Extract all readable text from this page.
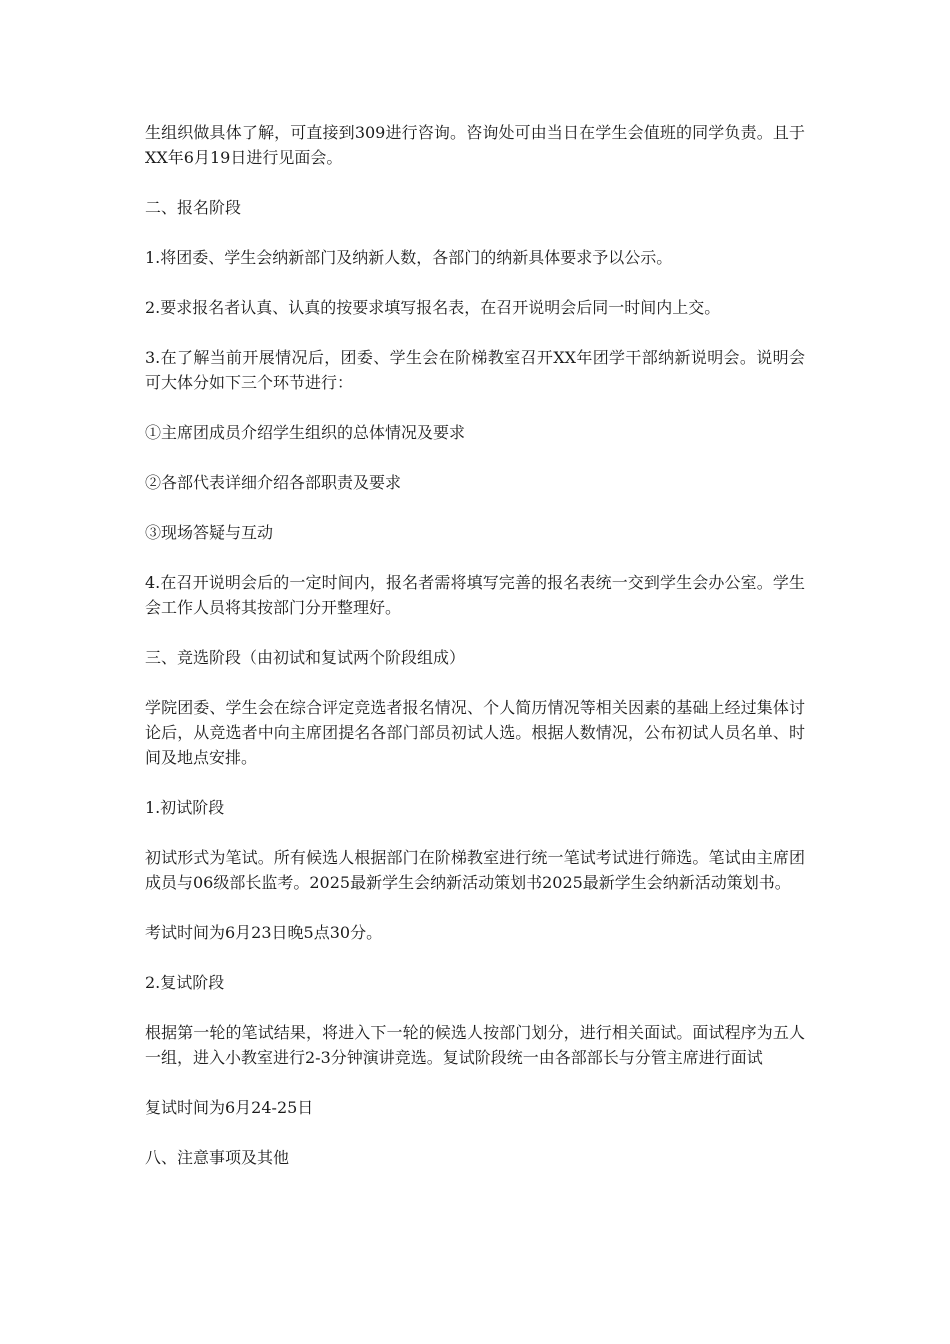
生组织做具体了解，可直接到309进行咨询。咨询处可由当日在学生会值班的同学负责。且于XX年6月19日进行见面会。

二、报名阶段

1.将团委、学生会纳新部门及纳新人数，各部门的纳新具体要求予以公示。

2.要求报名者认真、认真的按要求填写报名表，在召开说明会后同一时间内上交。

3.在了解当前开展情况后，团委、学生会在阶梯教室召开XX年团学干部纳新说明会。说明会可大体分如下三个环节进行：

①主席团成员介绍学生组织的总体情况及要求

②各部代表详细介绍各部职责及要求

③现场答疑与互动

4.在召开说明会后的一定时间内，报名者需将填写完善的报名表统一交到学生会办公室。学生会工作人员将其按部门分开整理好。

三、竞选阶段（由初试和复试两个阶段组成）

学院团委、学生会在综合评定竞选者报名情况、个人简历情况等相关因素的基础上经过集体讨论后，从竞选者中向主席团提名各部门部员初试人选。根据人数情况，公布初试人员名单、时间及地点安排。

1.初试阶段

初试形式为笔试。所有候选人根据部门在阶梯教室进行统一笔试考试进行筛选。笔试由主席团成员与06级部长监考。2025最新学生会纳新活动策划书2025最新学生会纳新活动策划书。

考试时间为6月23日晚5点30分。

2.复试阶段

根据第一轮的笔试结果，将进入下一轮的候选人按部门划分，进行相关面试。面试程序为五人一组，进入小教室进行2-3分钟演讲竞选。复试阶段统一由各部部长与分管主席进行面试

复试时间为6月24-25日

八、注意事项及其他
